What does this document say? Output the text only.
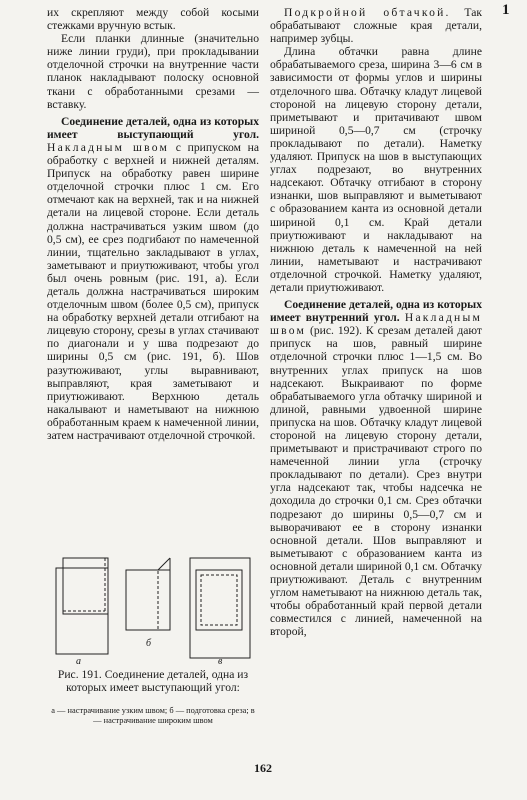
1

их скрепляют между собой косыми стежками вручную встык.

Если планки длинные (значительно ниже линии груди), при прокладывании отделочной строчки на внутренние части планок накладывают полоску основной ткани с обработанными срезами — вставку.

Соединение деталей, одна из которых имеет выступающий угол. Накладным швом с припуском на обработку с верхней и нижней деталям. Припуск на обработку равен ширине отделочной строчки плюс 1 см. Его отмечают как на верхней, так и на нижней детали на лицевой стороне. Если деталь должна настрачиваться узким швом (до 0,5 см), ее срез подгибают по намеченной линии, тщательно закладывают в углах, заметывают и приутюживают, чтобы угол был очень ровным (рис. 191, а). Если деталь должна настрачиваться широким отделочным швом (более 0,5 см), припуск на обработку верхней детали отгибают на лицевую сторону, срезы в углах стачивают по диагонали и у шва подрезают до ширины 0,5 см (рис. 191, б). Шов разутюживают, углы выравнивают, выправляют, края заметывают и приутюживают. Верхнюю деталь накалывают и наметывают на нижнюю обработанным краем к намеченной линии, затем настрачивают отделочной строчкой.

Подкройной обтачкой. Так обрабатывают сложные края детали, например зубцы.

Длина обтачки равна длине обрабатываемого среза, ширина 3—6 см в зависимости от формы углов и ширины отделочного шва. Обтачку кладут лицевой стороной на лицевую сторону детали, приметывают и притачивают швом шириной 0,5—0,7 см (строчку прокладывают по детали). Наметку удаляют. Припуск на шов в выступающих углах подрезают, во внутренних надсекают. Обтачку отгибают в сторону изнанки, шов выправляют и выметывают с образованием канта из основной детали шириной 0,1 см. Край детали приутюживают и накладывают на нижнюю деталь к намеченной на ней линии, наметывают и настрачивают отделочной строчкой. Наметку удаляют, детали приутюживают.

Соединение деталей, одна из которых имеет внутренний угол. Накладным швом (рис. 192). К срезам деталей дают припуск на шов, равный ширине отделочной строчки плюс 1—1,5 см. Во внутренних углах припуск на шов надсекают. Выкраивают по форме обрабатываемого угла обтачку шириной и длиной, равными удвоенной ширине припуска на шов. Обтачку кладут лицевой стороной на лицевую сторону детали, приметывают и пристрачивают строго по намеченной линии угла (строчку прокладывают по детали). Срез внутри угла надсекают так, чтобы надсечка не доходила до строчки 0,1 см. Срез обтачки подрезают до ширины 0,5—0,7 см и выворачивают ее в сторону изнанки основной детали. Шов выправляют и выметывают с образованием канта из основной детали шириной 0,1 см. Обтачку приутюживают. Деталь с внутренним углом наметывают на нижнюю деталь так, чтобы обработанный край первой детали совместился с линией, намеченной на второй,

а
б
в
Рис. 191. Соединение деталей, одна из которых имеет выступающий угол:
а — настрачивание узким швом; б — подготовка среза; в — настрачивание широким швом
162
